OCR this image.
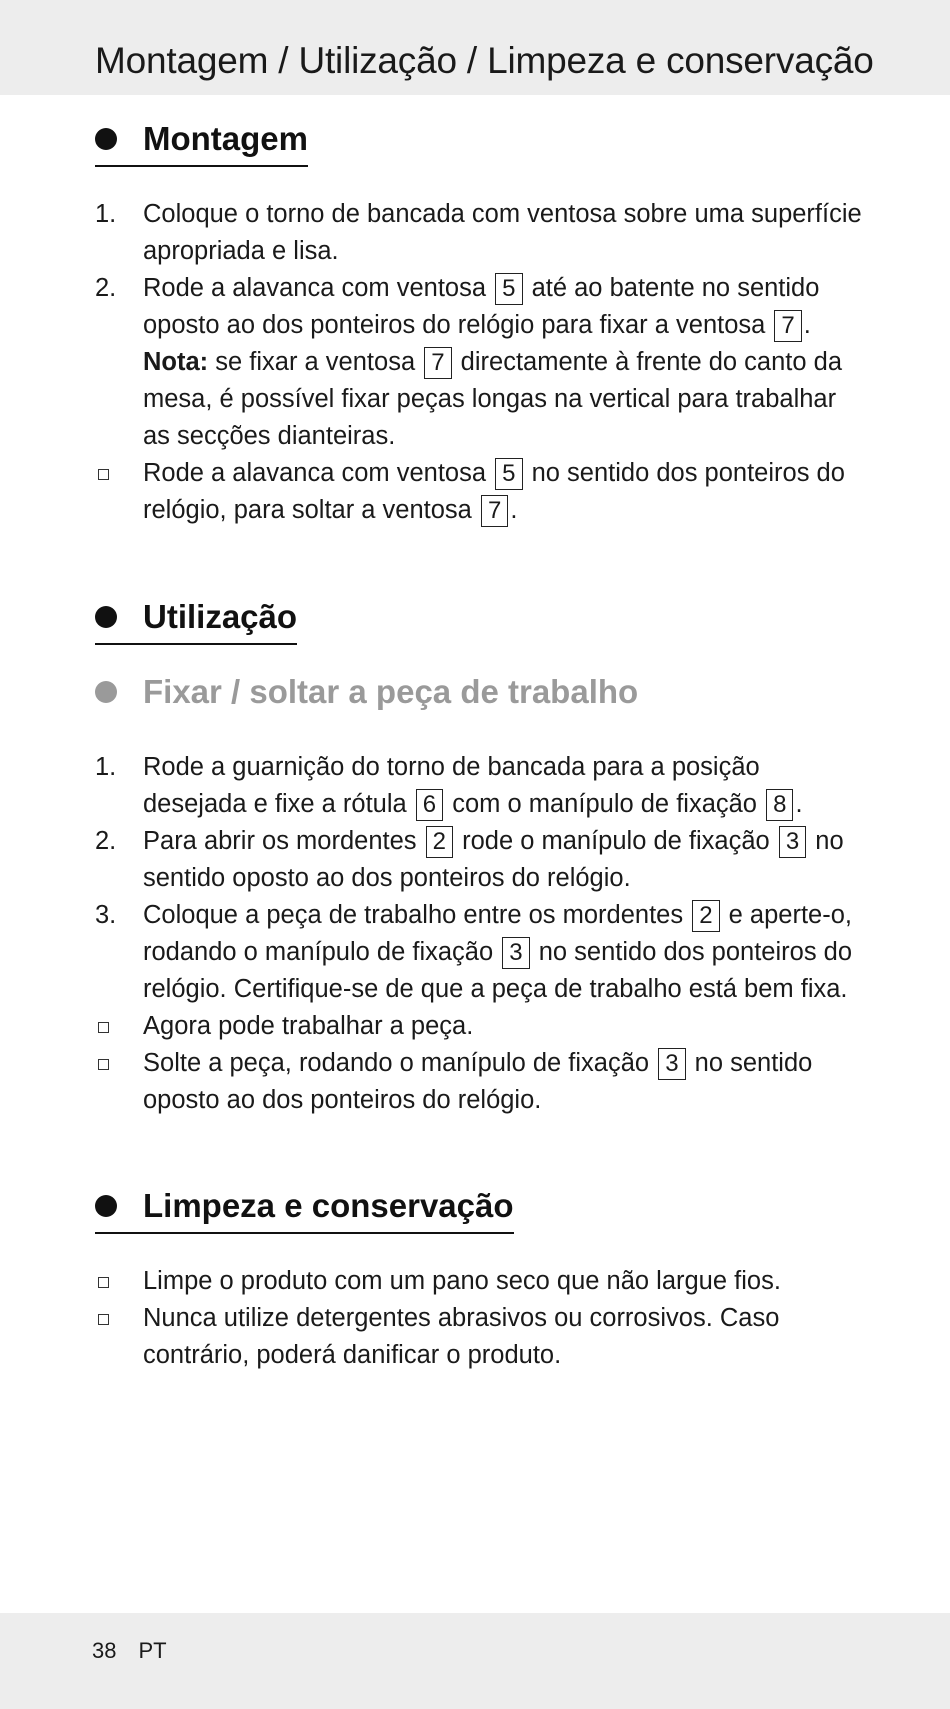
Montagem / Utilização / Limpeza e conservação
Montagem
1.	Coloque o torno de bancada com ventosa sobre uma superfície apropriada e lisa.
2.	Rode a alavanca com ventosa 5 até ao batente no sentido oposto ao dos ponteiros do relógio para fixar a ventosa 7 .
Nota: se fixar a ventosa 7 directamente à frente do canto da mesa, é possível fixar peças longas na vertical para trabalhar as secções dianteiras.
Rode a alavanca com ventosa 5 no sentido dos ponteiros do relógio, para soltar a ventosa 7 .
Utilização
Fixar / soltar a peça de trabalho
1.	Rode a guarnição do torno de bancada para a posição desejada e fixe a rótula 6 com o manípulo de fixação 8 .
2.	Para abrir os mordentes 2 rode o manípulo de fixação 3 no sentido oposto ao dos ponteiros do relógio.
3.	Coloque a peça de trabalho entre os mordentes 2 e aperte-o, rodando o manípulo de fixação 3 no sentido dos ponteiros do relógio. Certifique-se de que a peça de trabalho está bem fixa.
Agora pode trabalhar a peça.
Solte a peça, rodando o manípulo de fixação 3 no sentido oposto ao dos ponteiros do relógio.
Limpeza e conservação
Limpe o produto com um pano seco que não largue fios.
Nunca utilize detergentes abrasivos ou corrosivos. Caso contrário, poderá danificar o produto.
38 PT
